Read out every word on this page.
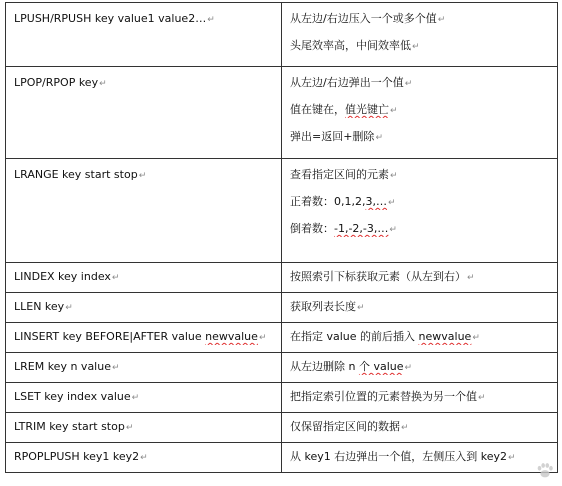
LPUSH/RPUSH key value1 value2…↵	从左边/右边压入一个或多个值↵
头尾效率高，中间效率低↵

LPOP/RPOP key↵	从左边/右边弹出一个值↵
值在键在，值光键亡↵
弹出=返回+删除↵

LRANGE key start stop↵	查看指定区间的元素↵
正着数：0,1,2,3,…↵
倒着数：-1,-2,-3,…↵

LINDEX key index↵	按照索引下标获取元素（从左到右）↵

LLEN key↵	获取列表长度↵

LINSERT key BEFORE|AFTER value newvalue↵	在指定 value 的前后插入 newvalue↵

LREM key n value↵	从左边删除 n 个 value↵

LSET key index value↵	把指定索引位置的元素替换为另一个值↵

LTRIM key start stop↵	仅保留指定区间的数据↵

RPOPLPUSH key1 key2↵	从 key1 右边弹出一个值，左侧压入到 key2↵
